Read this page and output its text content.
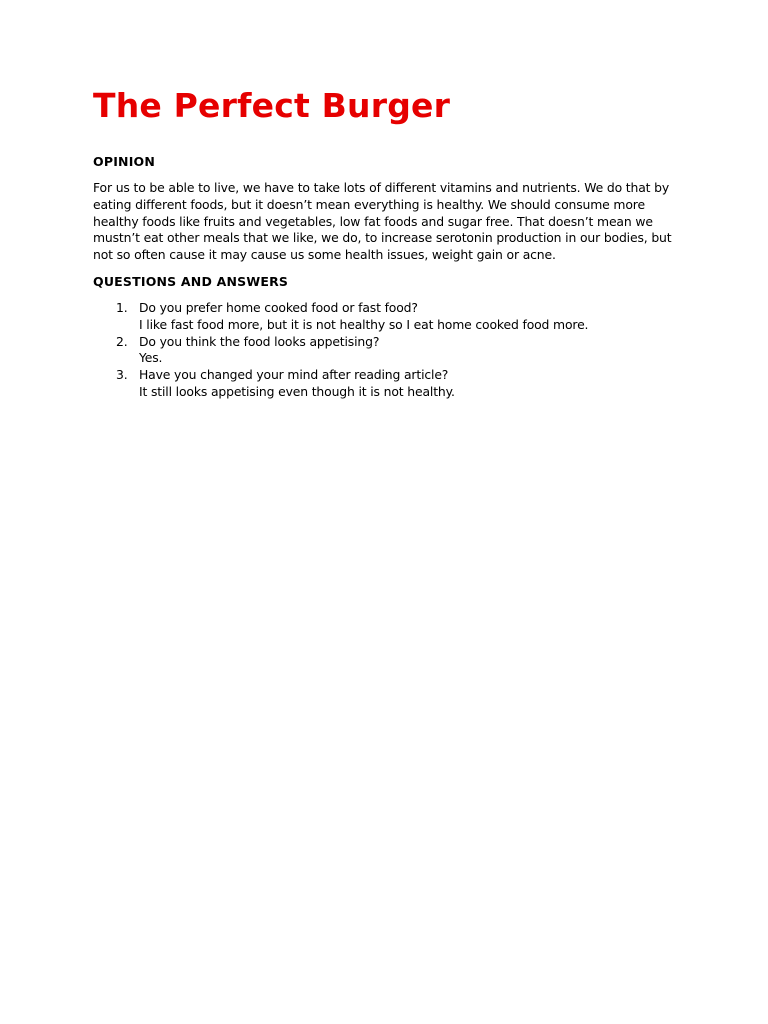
The Perfect Burger
OPINION

For us to be able to live, we have to take lots of different vitamins and nutrients. We do that by eating different foods, but it doesn’t mean everything is healthy. We should consume more healthy foods like fruits and vegetables, low fat foods and sugar free. That doesn’t mean we mustn’t eat other meals that we like, we do, to increase serotonin production in our bodies, but not so often cause it may cause us some health issues, weight gain or acne.

QUESTIONS AND ANSWERS
1. Do you prefer home cooked food or fast food?
I like fast food more, but it is not healthy so I eat home cooked food more.
2. Do you think the food looks appetising?
Yes.
3. Have you changed your mind after reading article?
It still looks appetising even though it is not healthy.
